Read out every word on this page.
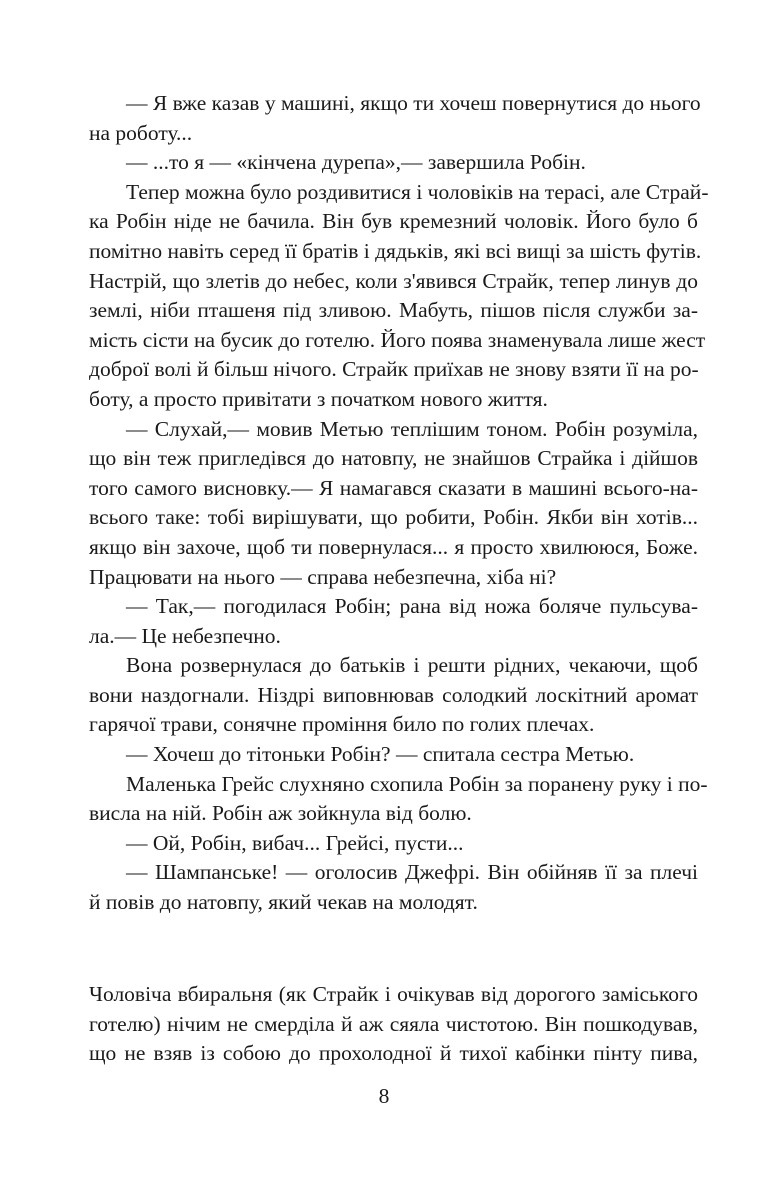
— Я вже казав у машині, якщо ти хочеш повернутися до нього
на роботу...
— ...то я — «кінчена дурепа»,— завершила Робін.
Тепер можна було роздивитися і чоловіків на терасі, але Страй-
ка Робін ніде не бачила. Він був кремезний чоловік. Його було б
помітно навіть серед її братів і дядьків, які всі вищі за шість футів.
Настрій, що злетів до небес, коли з'явився Страйк, тепер линув до
землі, ніби пташеня під зливою. Мабуть, пішов після служби за-
мість сісти на бусик до готелю. Його поява знаменувала лише жест
доброї волі й більш нічого. Страйк приїхав не знову взяти її на ро-
боту, а просто привітати з початком нового життя.
— Слухай,— мовив Метью теплішим тоном. Робін розуміла,
що він теж пригледівся до натовпу, не знайшов Страйка і дійшов
того самого висновку.— Я намагався сказати в машині всього-на-
всього таке: тобі вирішувати, що робити, Робін. Якби він хотів...
якщо він захоче, щоб ти повернулася... я просто хвилююся, Боже.
Працювати на нього — справа небезпечна, хіба ні?
— Так,— погодилася Робін; рана від ножа боляче пульсува-
ла.— Це небезпечно.
Вона розвернулася до батьків і решти рідних, чекаючи, щоб
вони наздогнали. Ніздрі виповнював солодкий лоскітний аромат
гарячої трави, сонячне проміння било по голих плечах.
— Хочеш до тітоньки Робін? — спитала сестра Метью.
Маленька Грейс слухняно схопила Робін за поранену руку і по-
висла на ній. Робін аж зойкнула від болю.
— Ой, Робін, вибач... Грейсі, пусти...
— Шампанське! — оголосив Джефрі. Він обійняв її за плечі
й повів до натовпу, який чекав на молодят.
Чоловіча вбиральня (як Страйк і очікував від дорогого заміського
готелю) нічим не смерділа й аж сяяла чистотою. Він пошкодував,
що не взяв із собою до прохолодної й тихої кабінки пінту пива,
8
